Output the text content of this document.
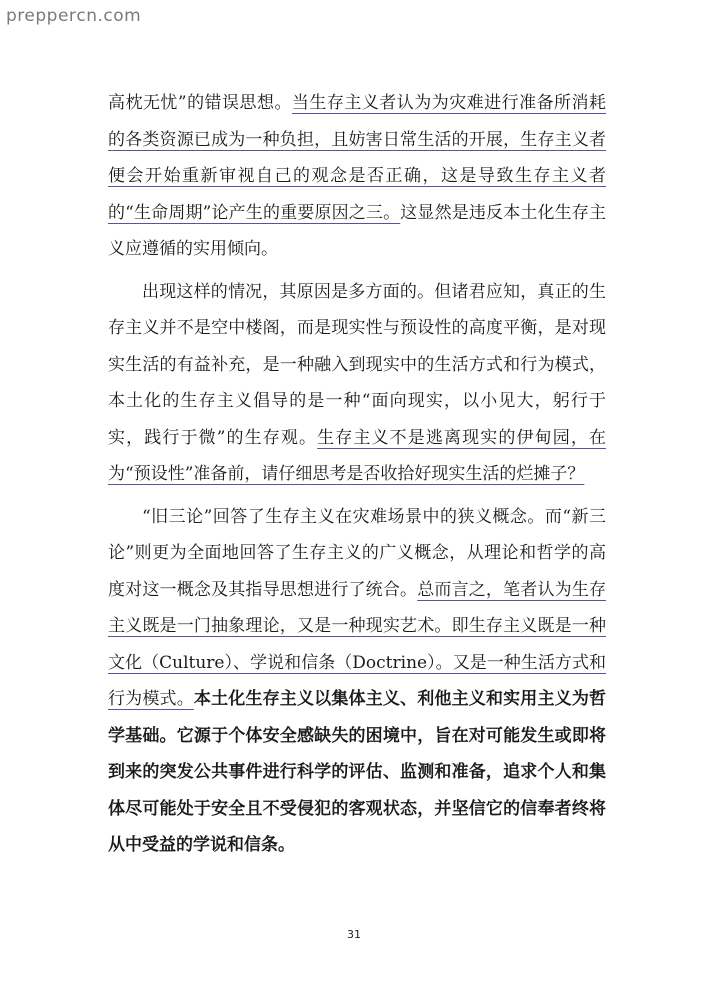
prepperсn.com

高枕无忧”的错误思想。当生存主义者认为为灾难进行准备所消耗的各类资源已成为一种负担，且妨害日常生活的开展，生存主义者便会开始重新审视自己的观念是否正确，这是导致生存主义者的“生命周期”论产生的重要原因之三。这显然是违反本土化生存主义应遵循的实用倾向。

出现这样的情况，其原因是多方面的。但诸君应知，真正的生存主义并不是空中楼阁，而是现实性与预设性的高度平衡，是对现实生活的有益补充，是一种融入到现实中的生活方式和行为模式，本土化的生存主义倡导的是一种“面向现实，以小见大，躬行于实，践行于微”的生存观。生存主义不是逃离现实的伊甸园，在为“预设性”准备前，请仔细思考是否收拾好现实生活的烂摊子？

“旧三论”回答了生存主义在灾难场景中的狭义概念。而“新三论”则更为全面地回答了生存主义的广义概念，从理论和哲学的高度对这一概念及其指导思想进行了统合。总而言之，笔者认为生存主义既是一门抽象理论，又是一种现实艺术。即生存主义既是一种文化（Culture）、学说和信条（Doctrine）。又是一种生活方式和行为模式。本土化生存主义以集体主义、利他主义和实用主义为哲学基础。它源于个体安全感缺失的困境中，旨在对可能发生或即将到来的突发公共事件进行科学的评估、监测和准备，追求个人和集体尽可能处于安全且不受侵犯的客观状态，并坚信它的信奉者终将从中受益的学说和信条。

31
